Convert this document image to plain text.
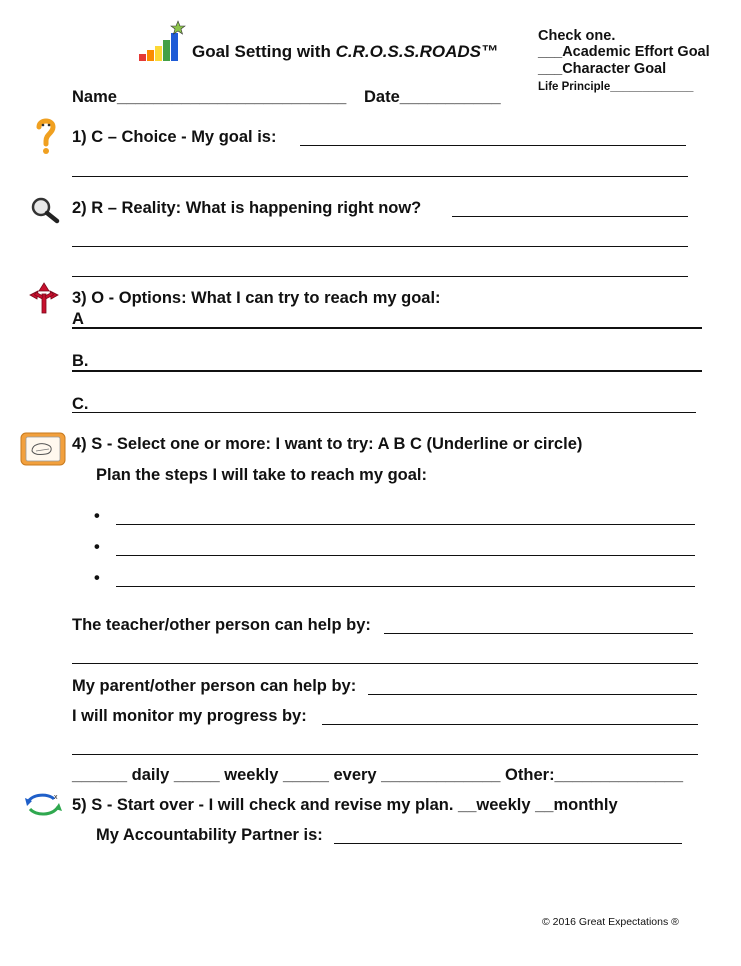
Goal Setting with C.R.O.S.S.ROADS™
Check one.
___Academic Effort Goal
___Character Goal
Life Principle_____________
Name_________________________ Date___________
1) C – Choice - My goal is:
2) R – Reality: What is happening right now?
3) O - Options: What I can try to reach my goal:
A
B.
C.
4) S - Select one or more: I want to try: A B C (Underline or circle)
Plan the steps I will take to reach my goal:
•
•
•
The teacher/other person can help by:
My parent/other person can help by:
I will monitor my progress by:
______ daily _____ weekly _____ every _____________ Other:______________
x 5) S - Start over - I will check and revise my plan. __weekly __monthly
My Accountability Partner is:
© 2016 Great Expectations ®
